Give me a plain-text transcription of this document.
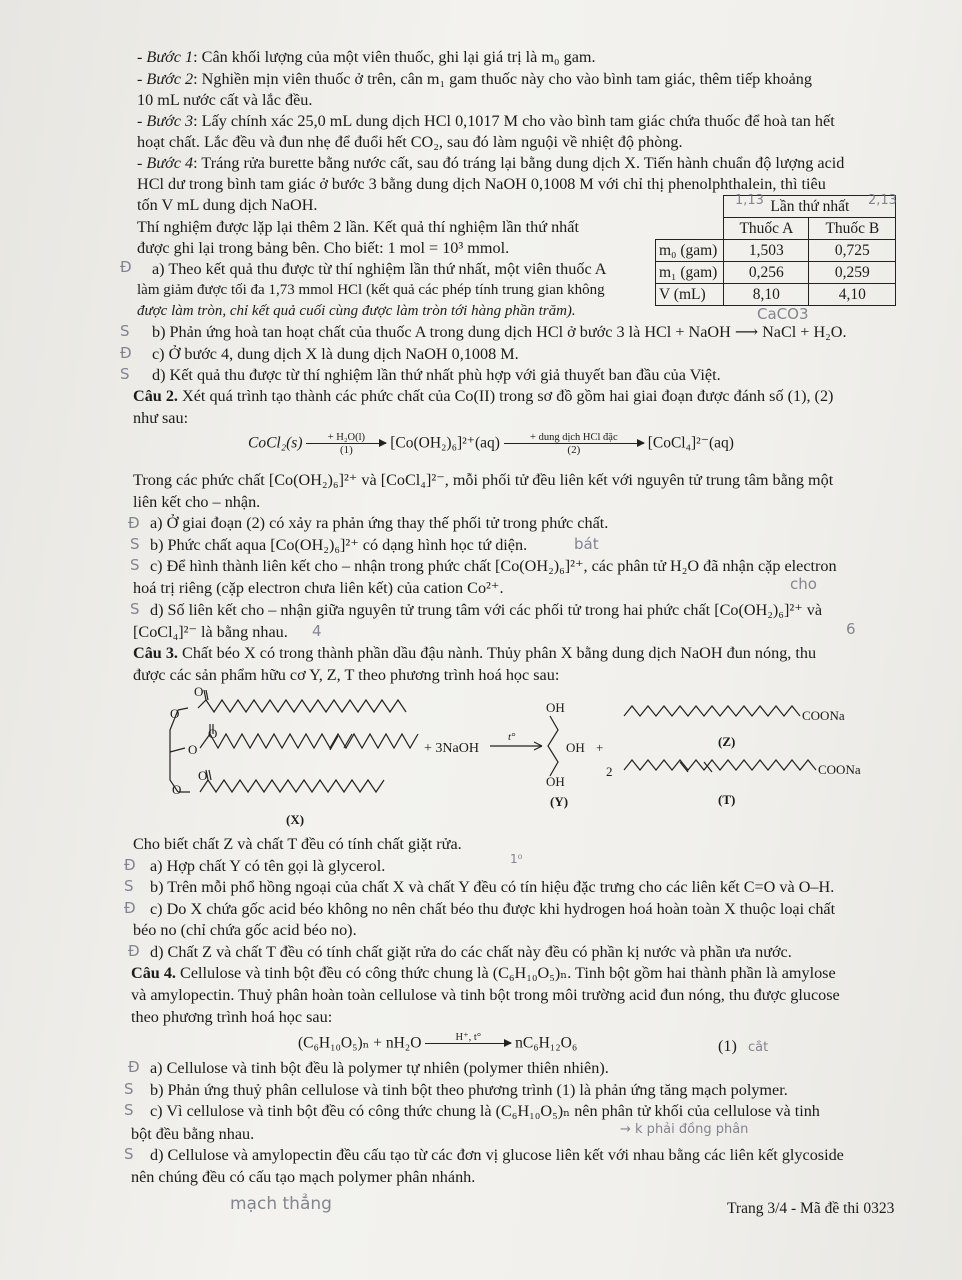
- Bước 1: Cân khối lượng của một viên thuốc, ghi lại giá trị là m₀ gam.
- Bước 2: Nghiền mịn viên thuốc ở trên, cân m₁ gam thuốc này cho vào bình tam giác, thêm tiếp khoảng
10 mL nước cất và lắc đều.
- Bước 3: Lấy chính xác 25,0 mL dung dịch HCl 0,1017 M cho vào bình tam giác chứa thuốc để hoà tan hết
hoạt chất. Lắc đều và đun nhẹ để đuổi hết CO₂, sau đó làm nguội về nhiệt độ phòng.
- Bước 4: Tráng rửa burette bằng nước cất, sau đó tráng lại bằng dung dịch X. Tiến hành chuẩn độ lượng acid
HCl dư trong bình tam giác ở bước 3 bằng dung dịch NaOH 0,1008 M với chỉ thị phenolphthalein, thì tiêu
tốn V mL dung dịch NaOH.
		Lần thứ nhất	
	Thuốc A	Thuốc B
m₀ (gam)	1,503	0,725
m₁ (gam)	0,256	0,259
V (mL)	8,10	4,10
Thí nghiệm được lặp lại thêm 2 lần. Kết quả thí nghiệm lần thứ nhất
được ghi lại trong bảng bên. Cho biết: 1 mol = 10³ mmol.
a) Theo kết quả thu được từ thí nghiệm lần thứ nhất, một viên thuốc A
làm giảm được tối đa 1,73 mmol HCl (kết quả các phép tính trung gian không
được làm tròn, chỉ kết quả cuối cùng được làm tròn tới hàng phần trăm).
b) Phản ứng hoà tan hoạt chất của thuốc A trong dung dịch HCl ở bước 3 là HCl + NaOH ⟶ NaCl + H₂O.
c) Ở bước 4, dung dịch X là dung dịch NaOH 0,1008 M.
d) Kết quả thu được từ thí nghiệm lần thứ nhất phù hợp với giả thuyết ban đầu của Việt.
Câu 2. Xét quá trình tạo thành các phức chất của Co(II) trong sơ đồ gồm hai giai đoạn được đánh số (1), (2)
như sau:
CoCl₂(s) $\frac{\text{+ H₂O(l)}}{(1)} [Co(OH_2)_6]^{2+}(aq)$	+ dung dịch HCl đặc
(2)	[CoCl₄]²⁻(aq)
Trong các phức chất [Co(OH₂)₆]²⁺ và [CoCl₄]²⁻, mỗi phối tử đều liên kết với nguyên tử trung tâm bằng một
liên kết cho – nhận.
a) Ở giai đoạn (2) có xảy ra phản ứng thay thế phối tử trong phức chất.
b) Phức chất aqua [Co(OH₂)₆]²⁺ có dạng hình học tứ diện.
c) Để hình thành liên kết cho – nhận trong phức chất [Co(OH₂)₆]²⁺, các phân tử H₂O đã nhận cặp electron
hoá trị riêng (cặp electron chưa liên kết) của cation Co²⁺.
d) Số liên kết cho – nhận giữa nguyên tử trung tâm với các phối tử trong hai phức chất [Co(OH₂)₆]²⁺ và
[CoCl₄]²⁻ là bằng nhau.
Câu 3. Chất béo X có trong thành phần dầu đậu nành. Thủy phân X bằng dung dịch NaOH đun nóng, thu
được các sản phẩm hữu cơ Y, Z, T theo phương trình hoá học sau:
O
O
O
O
O
O
+ 3NaOH
t°
OH
OH
OH
+
COONa
COONa
2
(Z)
(T)
(Y)
(X)
Cho biết chất Z và chất T đều có tính chất giặt rửa.
a) Hợp chất Y có tên gọi là glycerol.
b) Trên mỗi phổ hồng ngoại của chất X và chất Y đều có tín hiệu đặc trưng cho các liên kết C=O và O–H.
c) Do X chứa gốc acid béo không no nên chất béo thu được khi hydrogen hoá hoàn toàn X thuộc loại chất
béo no (chỉ chứa gốc acid béo no).
d) Chất Z và chất T đều có tính chất giặt rửa do các chất này đều có phần kị nước và phần ưa nước.
Câu 4. Cellulose và tinh bột đều có công thức chung là (C₆H₁₀O₅)ₙ. Tinh bột gồm hai thành phần là amylose
và amylopectin. Thuỷ phân hoàn toàn cellulose và tinh bột trong môi trường acid đun nóng, thu được glucose
theo phương trình hoá học sau:
(C₆H₁₀O₅)ₙ + nH₂O	H⁺, t°
	nC₆H₁₂O₆	(1)
a) Cellulose và tinh bột đều là polymer tự nhiên (polymer thiên nhiên).
b) Phản ứng thuỷ phân cellulose và tinh bột theo phương trình (1) là phản ứng tăng mạch polymer.
c) Vì cellulose và tinh bột đều có công thức chung là (C₆H₁₀O₅)ₙ nên phân tử khối của cellulose và tinh
bột đều bằng nhau.
d) Cellulose và amylopectin đều cấu tạo từ các đơn vị glucose liên kết với nhau bằng các liên kết glycoside
nên chúng đều có cấu tạo mạch polymer phân nhánh.
Trang 3/4 - Mã đề thi 0323
1,13	2,13
CaCO3
Đ
S
Đ
S
Đ
S	bát
S
cho
S
4	6
Đ	1⁰
S
Đ
Đ
Đ
cắt
S
S
→ k phải đồng phân
S
mạch thẳng
